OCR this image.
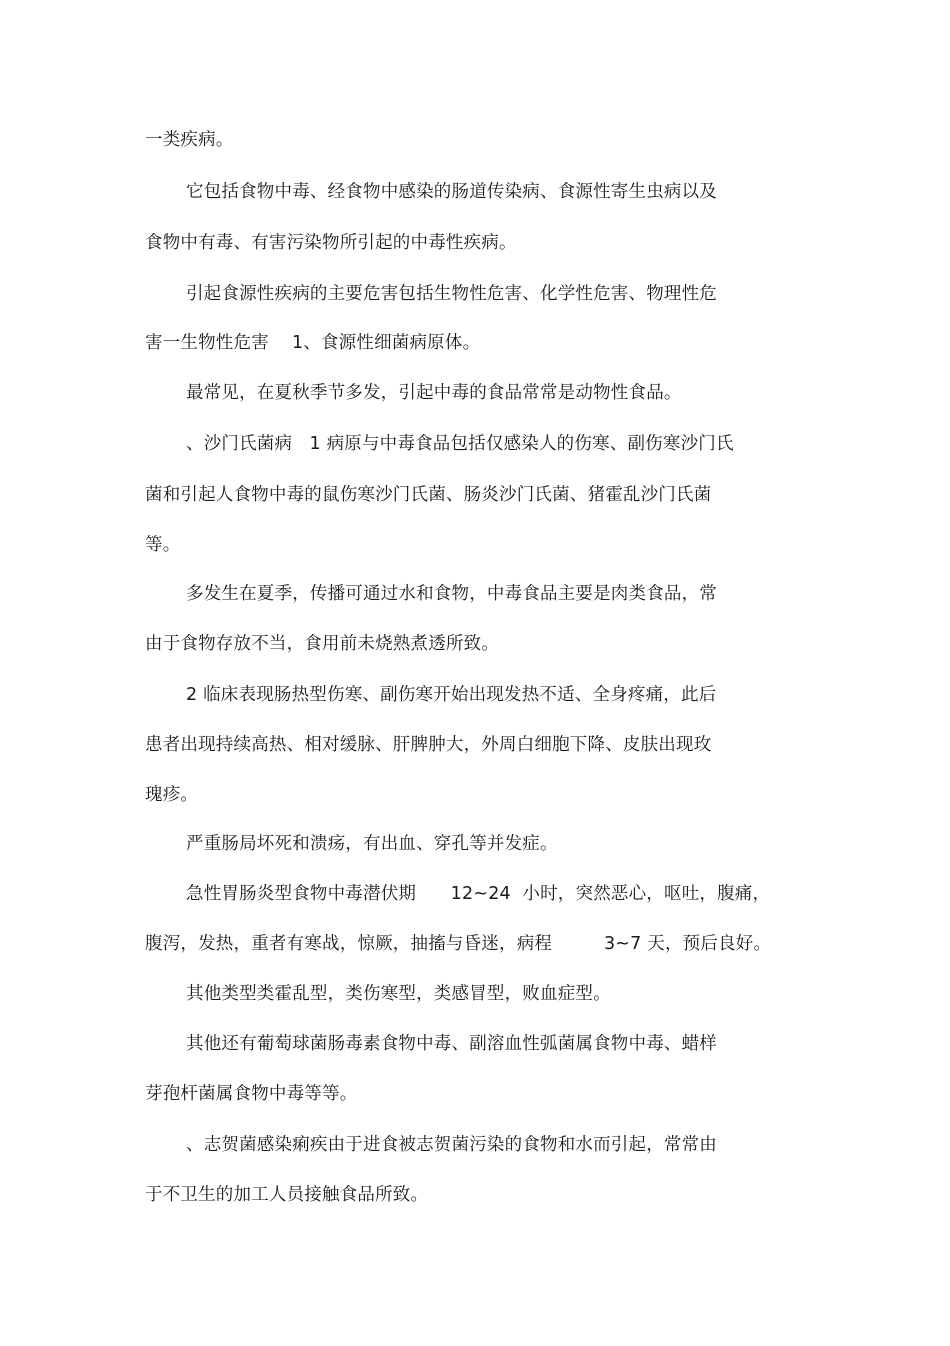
一类疾病。
它包括食物中毒、经食物中感染的肠道传染病、食源性寄生虫病以及
食物中有毒、有害污染物所引起的中毒性疾病。
引起食源性疾病的主要危害包括生物性危害、化学性危害、物理性危
害一生物性危害    1、食源性细菌病原体。
最常见，在夏秋季节多发，引起中毒的食品常常是动物性食品。
、沙门氏菌病   1 病原与中毒食品包括仅感染人的伤寒、副伤寒沙门氏
菌和引起人食物中毒的鼠伤寒沙门氏菌、肠炎沙门氏菌、猪霍乱沙门氏菌
等。
多发生在夏季，传播可通过水和食物，中毒食品主要是肉类食品，常
由于食物存放不当，食用前未烧熟煮透所致。
2 临床表现肠热型伤寒、副伤寒开始出现发热不适、全身疼痛，此后
患者出现持续高热、相对缓脉、肝脾肿大，外周白细胞下降、皮肤出现玫
瑰疹。
严重肠局坏死和溃疡，有出血、穿孔等并发症。
急性胃肠炎型食物中毒潜伏期      12~24  小时，突然恶心，呕吐，腹痛，
腹泻，发热，重者有寒战，惊厥，抽搐与昏迷，病程         3~7 天，预后良好。
其他类型类霍乱型，类伤寒型，类感冒型，败血症型。
其他还有葡萄球菌肠毒素食物中毒、副溶血性弧菌属食物中毒、蜡样
芽孢杆菌属食物中毒等等。
、志贺菌感染痢疾由于进食被志贺菌污染的食物和水而引起，常常由
于不卫生的加工人员接触食品所致。
